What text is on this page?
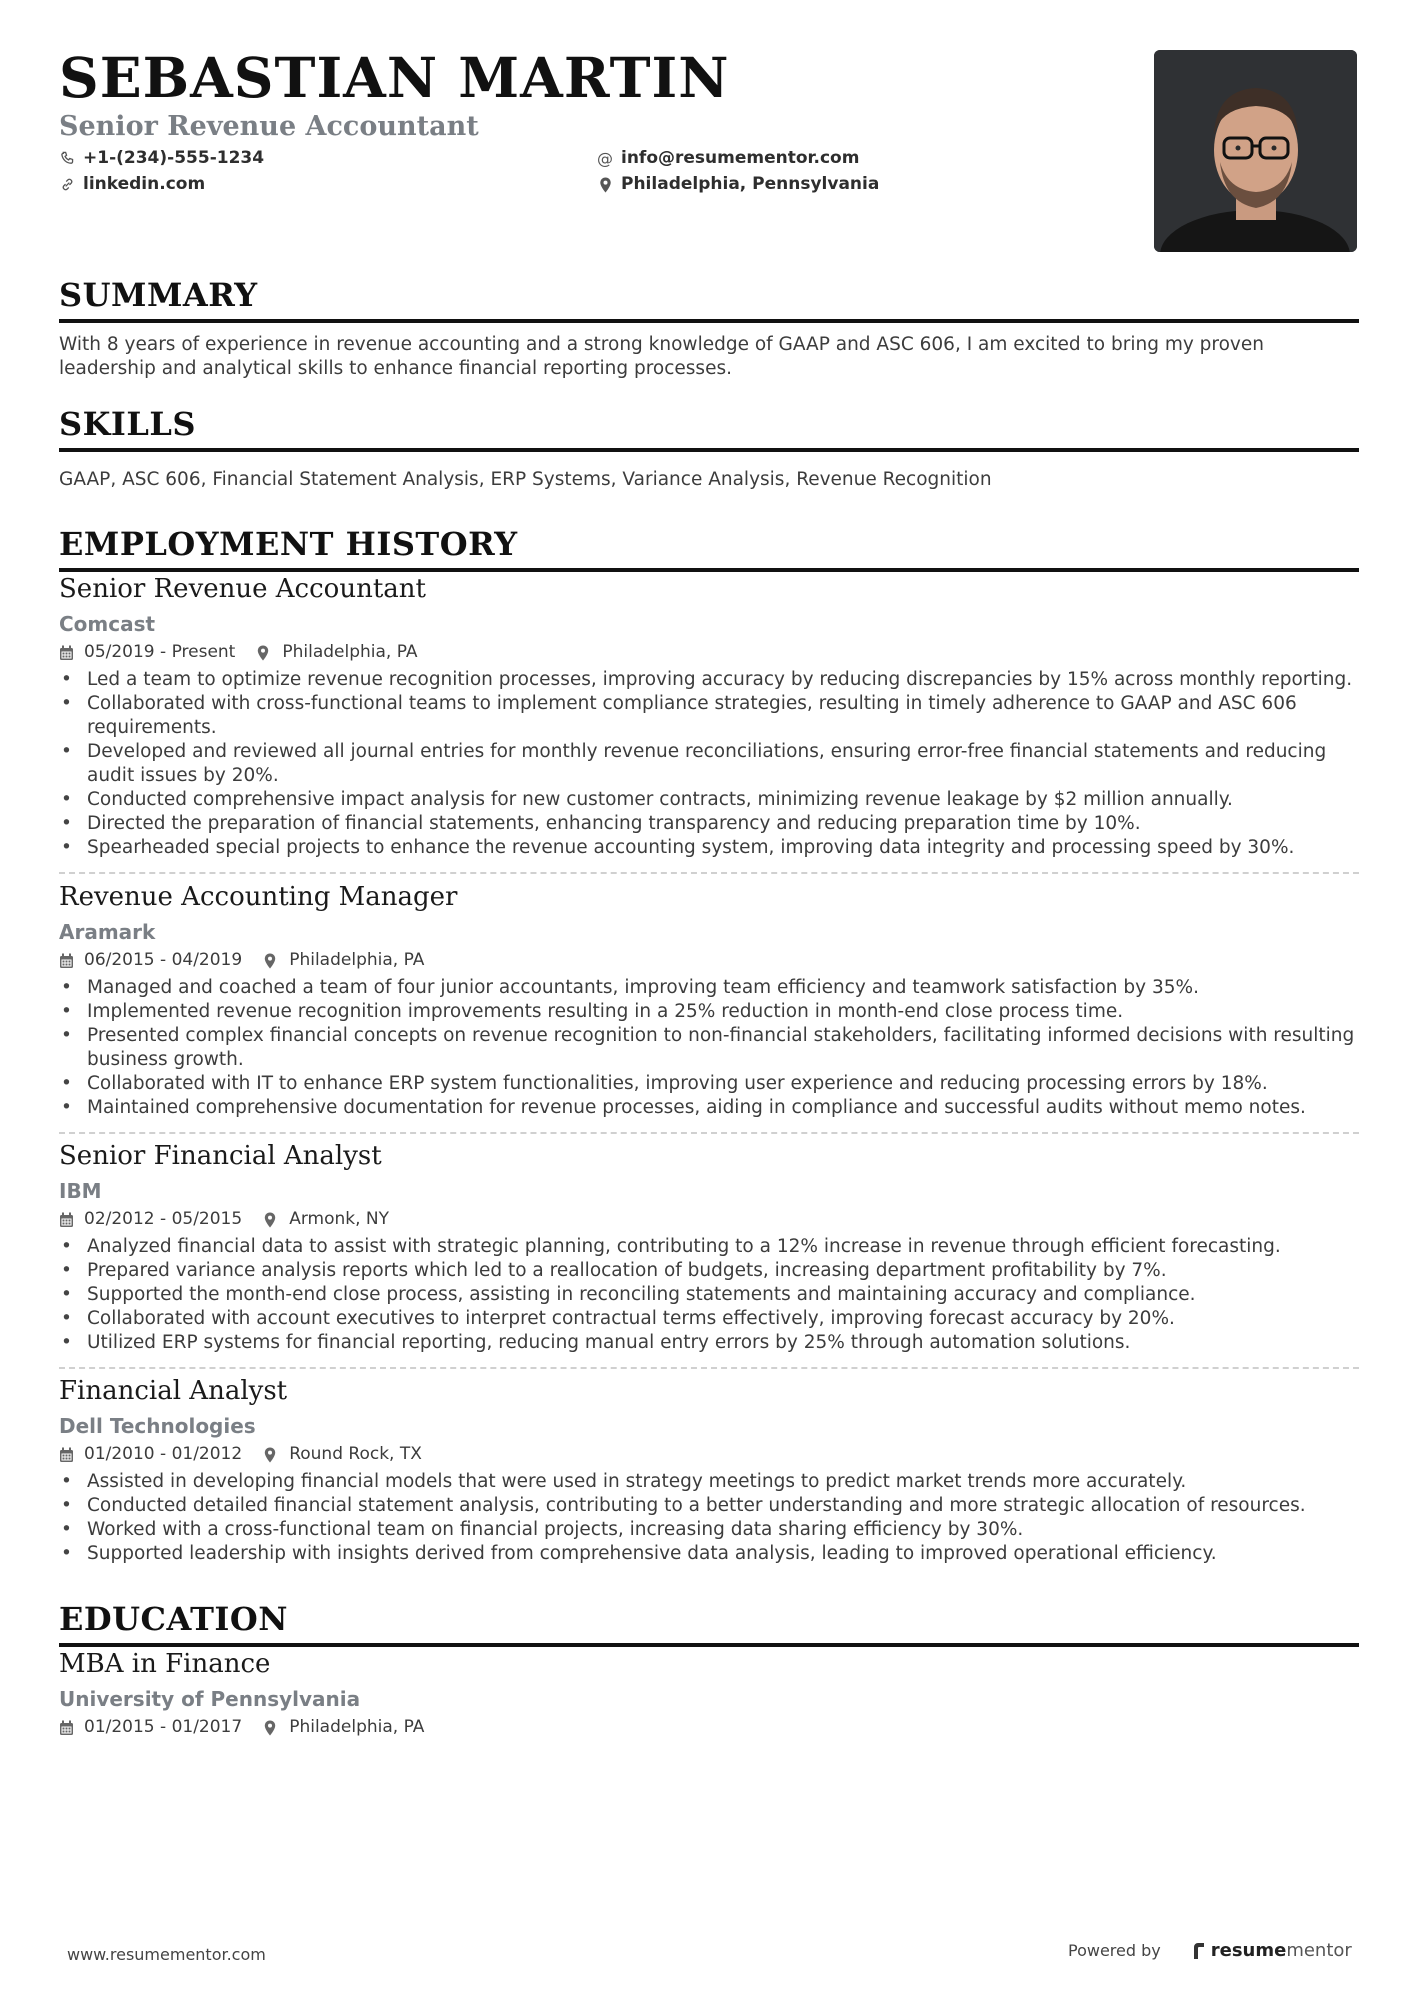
SEBASTIAN MARTIN
Senior Revenue Accountant
+1-(234)-555-1234
linkedin.com
@ info@resumementor.com
Philadelphia, Pennsylvania
SUMMARY
With 8 years of experience in revenue accounting and a strong knowledge of GAAP and ASC 606, I am excited to bring my proven leadership and analytical skills to enhance financial reporting processes.
SKILLS
GAAP, ASC 606, Financial Statement Analysis, ERP Systems, Variance Analysis, Revenue Recognition
EMPLOYMENT HISTORY
Senior Revenue Accountant
Comcast
05/2019 - Present	Philadelphia, PA
• Led a team to optimize revenue recognition processes, improving accuracy by reducing discrepancies by 15% across monthly reporting.
• Collaborated with cross-functional teams to implement compliance strategies, resulting in timely adherence to GAAP and ASC 606 requirements.
• Developed and reviewed all journal entries for monthly revenue reconciliations, ensuring error-free financial statements and reducing audit issues by 20%.
• Conducted comprehensive impact analysis for new customer contracts, minimizing revenue leakage by $2 million annually.
• Directed the preparation of financial statements, enhancing transparency and reducing preparation time by 10%.
• Spearheaded special projects to enhance the revenue accounting system, improving data integrity and processing speed by 30%.
Revenue Accounting Manager
Aramark
06/2015 - 04/2019	Philadelphia, PA
• Managed and coached a team of four junior accountants, improving team efficiency and teamwork satisfaction by 35%.
• Implemented revenue recognition improvements resulting in a 25% reduction in month-end close process time.
• Presented complex financial concepts on revenue recognition to non-financial stakeholders, facilitating informed decisions with resulting business growth.
• Collaborated with IT to enhance ERP system functionalities, improving user experience and reducing processing errors by 18%.
• Maintained comprehensive documentation for revenue processes, aiding in compliance and successful audits without memo notes.
Senior Financial Analyst
IBM
02/2012 - 05/2015	Armonk, NY
• Analyzed financial data to assist with strategic planning, contributing to a 12% increase in revenue through efficient forecasting.
• Prepared variance analysis reports which led to a reallocation of budgets, increasing department profitability by 7%.
• Supported the month-end close process, assisting in reconciling statements and maintaining accuracy and compliance.
• Collaborated with account executives to interpret contractual terms effectively, improving forecast accuracy by 20%.
• Utilized ERP systems for financial reporting, reducing manual entry errors by 25% through automation solutions.
Financial Analyst
Dell Technologies
01/2010 - 01/2012	Round Rock, TX
• Assisted in developing financial models that were used in strategy meetings to predict market trends more accurately.
• Conducted detailed financial statement analysis, contributing to a better understanding and more strategic allocation of resources.
• Worked with a cross-functional team on financial projects, increasing data sharing efficiency by 30%.
• Supported leadership with insights derived from comprehensive data analysis, leading to improved operational efficiency.
EDUCATION
MBA in Finance
University of Pennsylvania
01/2015 - 01/2017	Philadelphia, PA
www.resumementor.com	Powered by	resume mentor
